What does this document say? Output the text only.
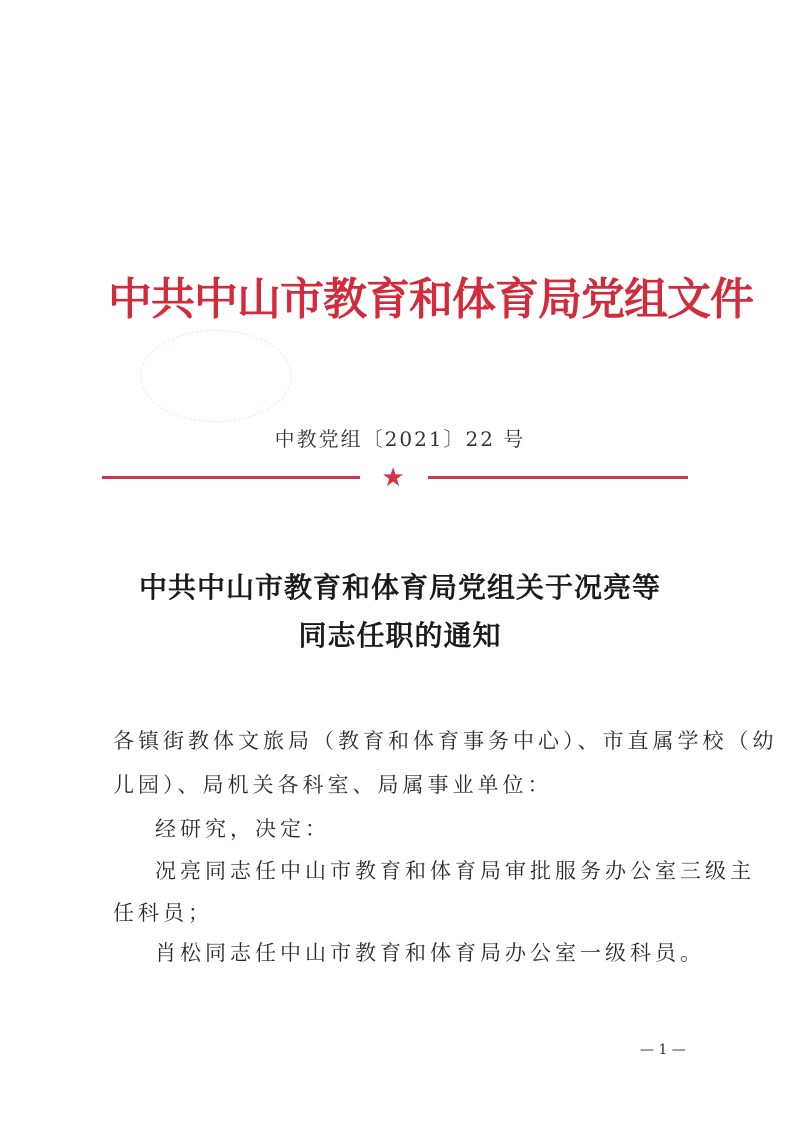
中共中山市教育和体育局党组文件
中教党组〔2021〕22 号
★
中共中山市教育和体育局党组关于况亮等
同志任职的通知
各镇街教体文旅局（教育和体育事务中心）、市直属学校（幼
儿园）、局机关各科室、局属事业单位：
经研究，决定：
况亮同志任中山市教育和体育局审批服务办公室三级主
任科员；
肖松同志任中山市教育和体育局办公室一级科员。
— 1 —
